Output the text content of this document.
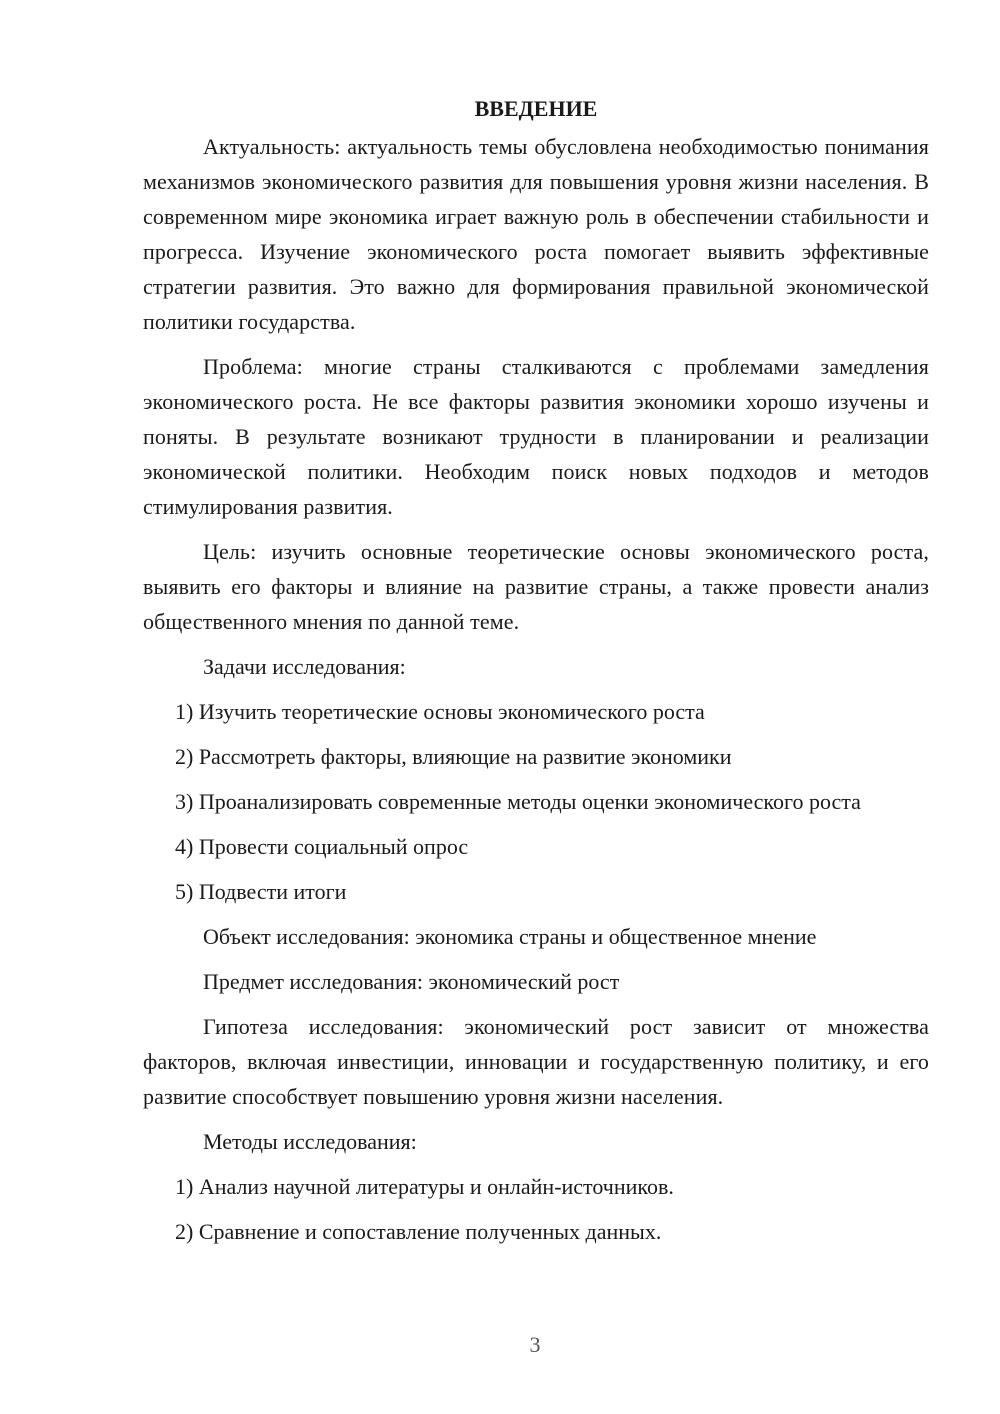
ВВЕДЕНИЕ
Актуальность: актуальность темы обусловлена необходимостью понимания механизмов экономического развития для повышения уровня жизни населения. В современном мире экономика играет важную роль в обеспечении стабильности и прогресса. Изучение экономического роста помогает выявить эффективные стратегии развития. Это важно для формирования правильной экономической политики государства.
Проблема: многие страны сталкиваются с проблемами замедления экономического роста. Не все факторы развития экономики хорошо изучены и поняты. В результате возникают трудности в планировании и реализации экономической политики. Необходим поиск новых подходов и методов стимулирования развития.
Цель: изучить основные теоретические основы экономического роста, выявить его факторы и влияние на развитие страны, а также провести анализ общественного мнения по данной теме.
Задачи исследования:
1) Изучить теоретические основы экономического роста
2) Рассмотреть факторы, влияющие на развитие экономики
3) Проанализировать современные методы оценки экономического роста
4) Провести социальный опрос
5) Подвести итоги
Объект исследования: экономика страны и общественное мнение
Предмет исследования: экономический рост
Гипотеза исследования: экономический рост зависит от множества факторов, включая инвестиции, инновации и государственную политику, и его развитие способствует повышению уровня жизни населения.
Методы исследования:
1) Анализ научной литературы и онлайн-источников.
2) Сравнение и сопоставление полученных данных.
3
